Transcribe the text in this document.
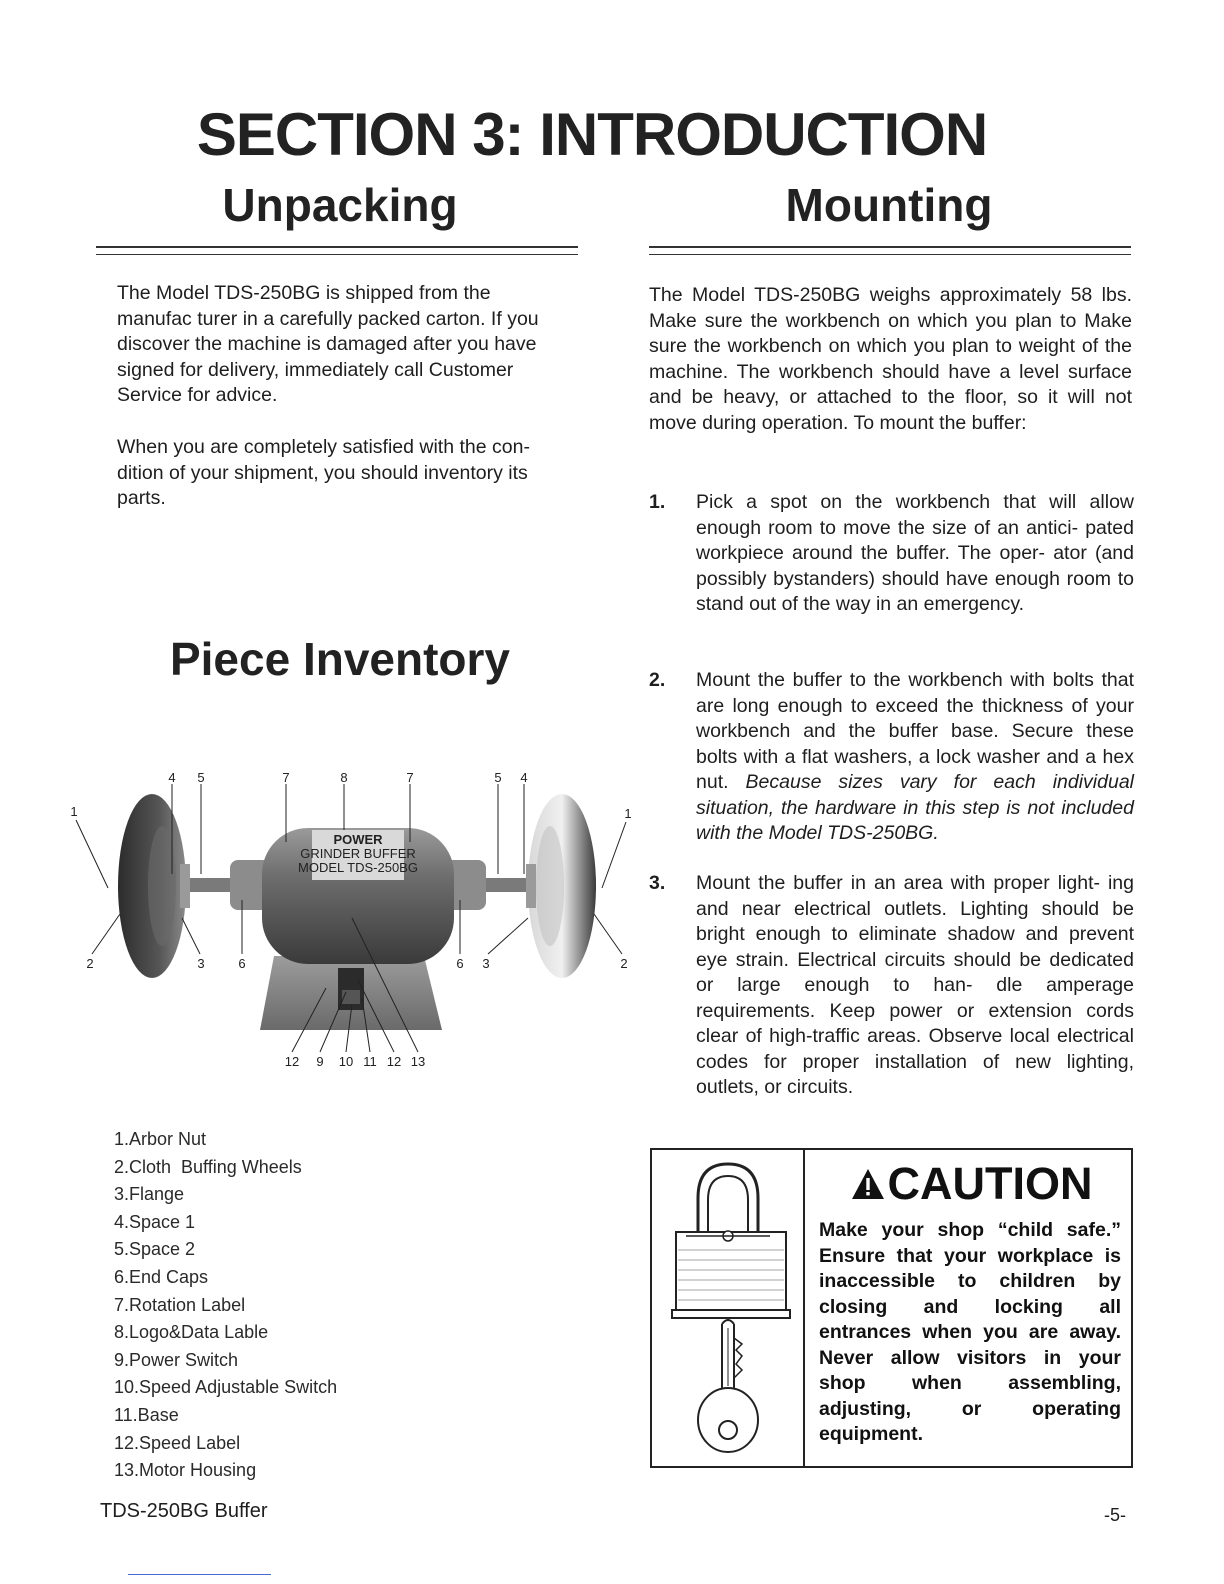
SECTION 3: INTRODUCTION
Unpacking

The Model TDS-250BG is shipped from the manufac turer in a carefully packed carton. If you discover the machine is damaged after you have signed for delivery, immediately call Customer Service for advice.

When you are completely satisfied with the con- dition of your shipment, you should inventory its parts.

Piece Inventory
POWER
GRINDER BUFFER
MODEL TDS-250BG
4 5	7	8	7	5 4
1	1
2	2
3	6	6 3
12 9 10 11 12 13
1.Arbor Nut
2.Cloth  Buffing Wheels
3.Flange
4.Space 1
5.Space 2
6.End Caps
7.Rotation Label
8.Logo&Data Lable
9.Power Switch
10.Speed Adjustable Switch
11.Base
12.Speed Label
13.Motor Housing
Mounting

The Model TDS-250BG weighs approximately 58 lbs. Make sure the workbench on which you plan to Make sure the workbench on which you plan to weight of the machine. The workbench should have a level surface and be heavy, or attached to the floor, so it will not move during operation. To mount the buffer:

1. Pick a spot on the workbench that will allow enough room to move the size of an antici- pated workpiece around the buffer. The oper- ator (and possibly bystanders) should have enough room to stand out of the way in an emergency.
2. Mount the buffer to the workbench with bolts that are long enough to exceed the thickness of your workbench and the buffer base. Secure these bolts with a flat washers, a lock washer and a hex nut. Because sizes vary for each individual situation, the hardware in this step is not included with the Model TDS-250BG.
3. Mount the buffer in an area with proper light- ing and near electrical outlets. Lighting should be bright enough to eliminate shadow and prevent eye strain. Electrical circuits should be dedicated or large enough to han- dle amperage requirements. Keep power or extension cords clear of high-traffic areas. Observe local electrical codes for proper installation of new lighting, outlets, or circuits.
CAUTION

Make your shop “child safe.” Ensure that your workplace is inaccessible to children by closing and locking all entrances when you are away. Never allow visitors in your shop when assembling, adjusting, or operating equipment.

TDS-250BG Buffer	-5-
